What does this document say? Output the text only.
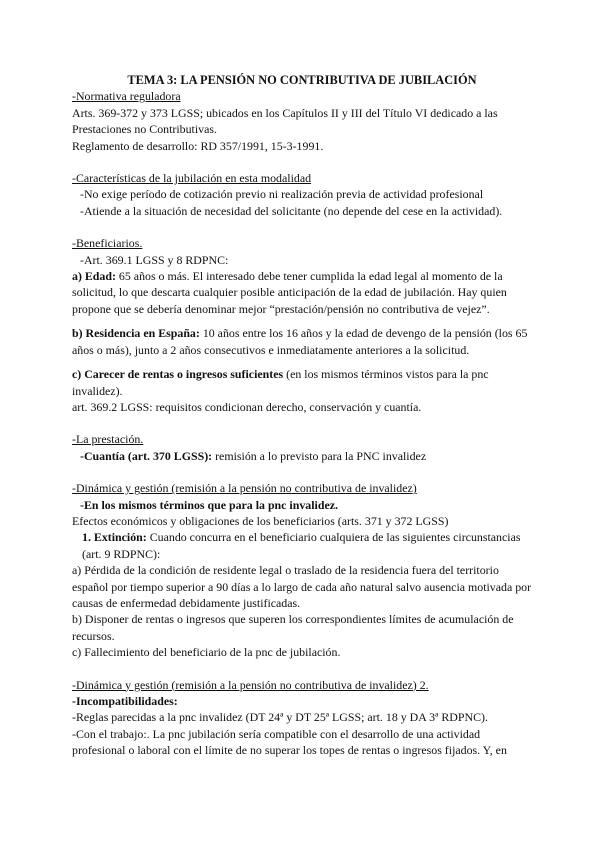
TEMA 3: LA PENSIÓN NO CONTRIBUTIVA DE JUBILACIÓN

-Normativa reguladora

Arts. 369-372 y 373 LGSS; ubicados en los Capítulos II y III del Título VI dedicado a las Prestaciones no Contributivas.

Reglamento de desarrollo: RD 357/1991, 15-3-1991.

-Características de la jubilación en esta modalidad

-No exige período de cotización previo ni realización previa de actividad profesional

-Atiende a la situación de necesidad del solicitante (no depende del cese en la actividad).

-Beneficiarios.

-Art. 369.1 LGSS y 8 RDPNC:

a) Edad: 65 años o más. El interesado debe tener cumplida la edad legal al momento de la solicitud, lo que descarta cualquier posible anticipación de la edad de jubilación. Hay quien propone que se debería denominar mejor “prestación/pensión no contributiva de vejez”.

b) Residencia en España: 10 años entre los 16 años y la edad de devengo de la pensión (los 65 años o más), junto a 2 años consecutivos e inmediatamente anteriores a la solicitud.

c) Carecer de rentas o ingresos suficientes (en los mismos términos vistos para la pnc invalidez).

art. 369.2 LGSS: requisitos condicionan derecho, conservación y cuantía.

-La prestación.

-Cuantía (art. 370 LGSS): remisión a lo previsto para la PNC invalidez

-Dinámica y gestión (remisión a la pensión no contributiva de invalidez)

-En los mismos términos que para la pnc invalidez.

Efectos económicos y obligaciones de los beneficiarios (arts. 371 y 372 LGSS)

1. Extinción: Cuando concurra en el beneficiario cualquiera de las siguientes circunstancias (art. 9 RDPNC):

a) Pérdida de la condición de residente legal o traslado de la residencia fuera del territorio español por tiempo superior a 90 días a lo largo de cada año natural salvo ausencia motivada por causas de enfermedad debidamente justificadas.

b) Disponer de rentas o ingresos que superen los correspondientes límites de acumulación de recursos.

c) Fallecimiento del beneficiario de la pnc de jubilación.

-Dinámica y gestión (remisión a la pensión no contributiva de invalidez) 2.

-Incompatibilidades:

-Reglas parecidas a la pnc invalidez (DT 24ª y DT 25ª LGSS; art. 18 y DA 3ª RDPNC).

-Con el trabajo:. La pnc jubilación sería compatible con el desarrollo de una actividad profesional o laboral con el límite de no superar los topes de rentas o ingresos fijados. Y, en
